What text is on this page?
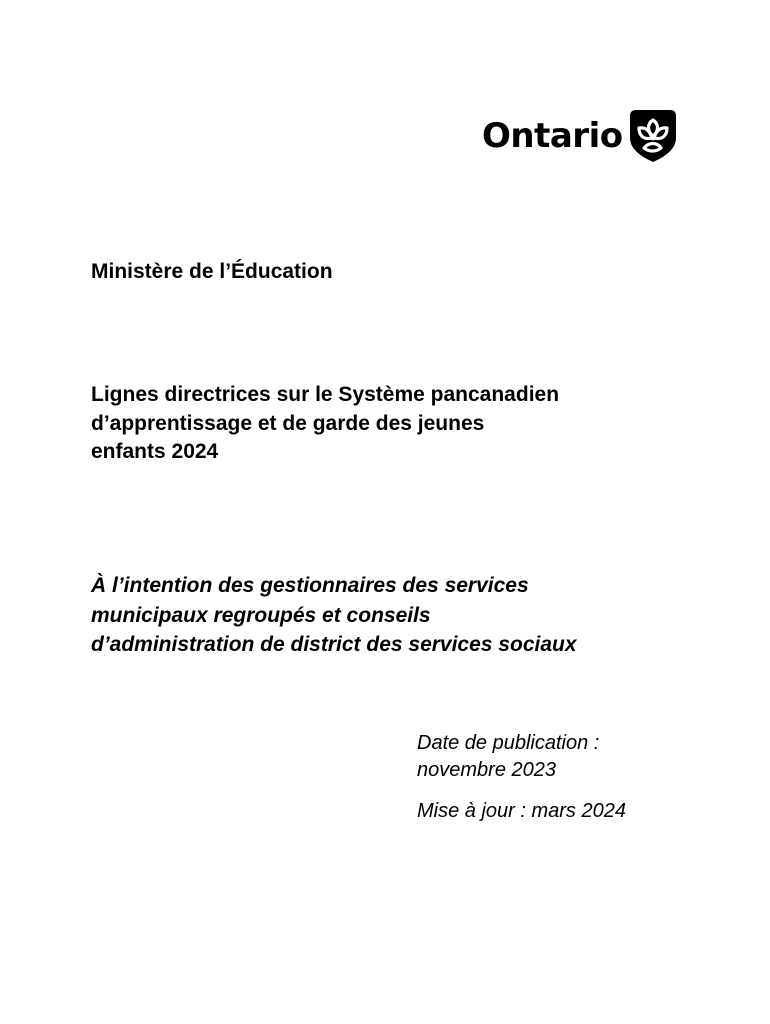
Ontario
Ministère de l’Éducation
Lignes directrices sur le Système pancanadien
d’apprentissage et de garde des jeunes
enfants 2024
À l’intention des gestionnaires des services
municipaux regroupés et conseils
d’administration de district des services sociaux

Date de publication :

novembre 2023

Mise à jour : mars 2024
